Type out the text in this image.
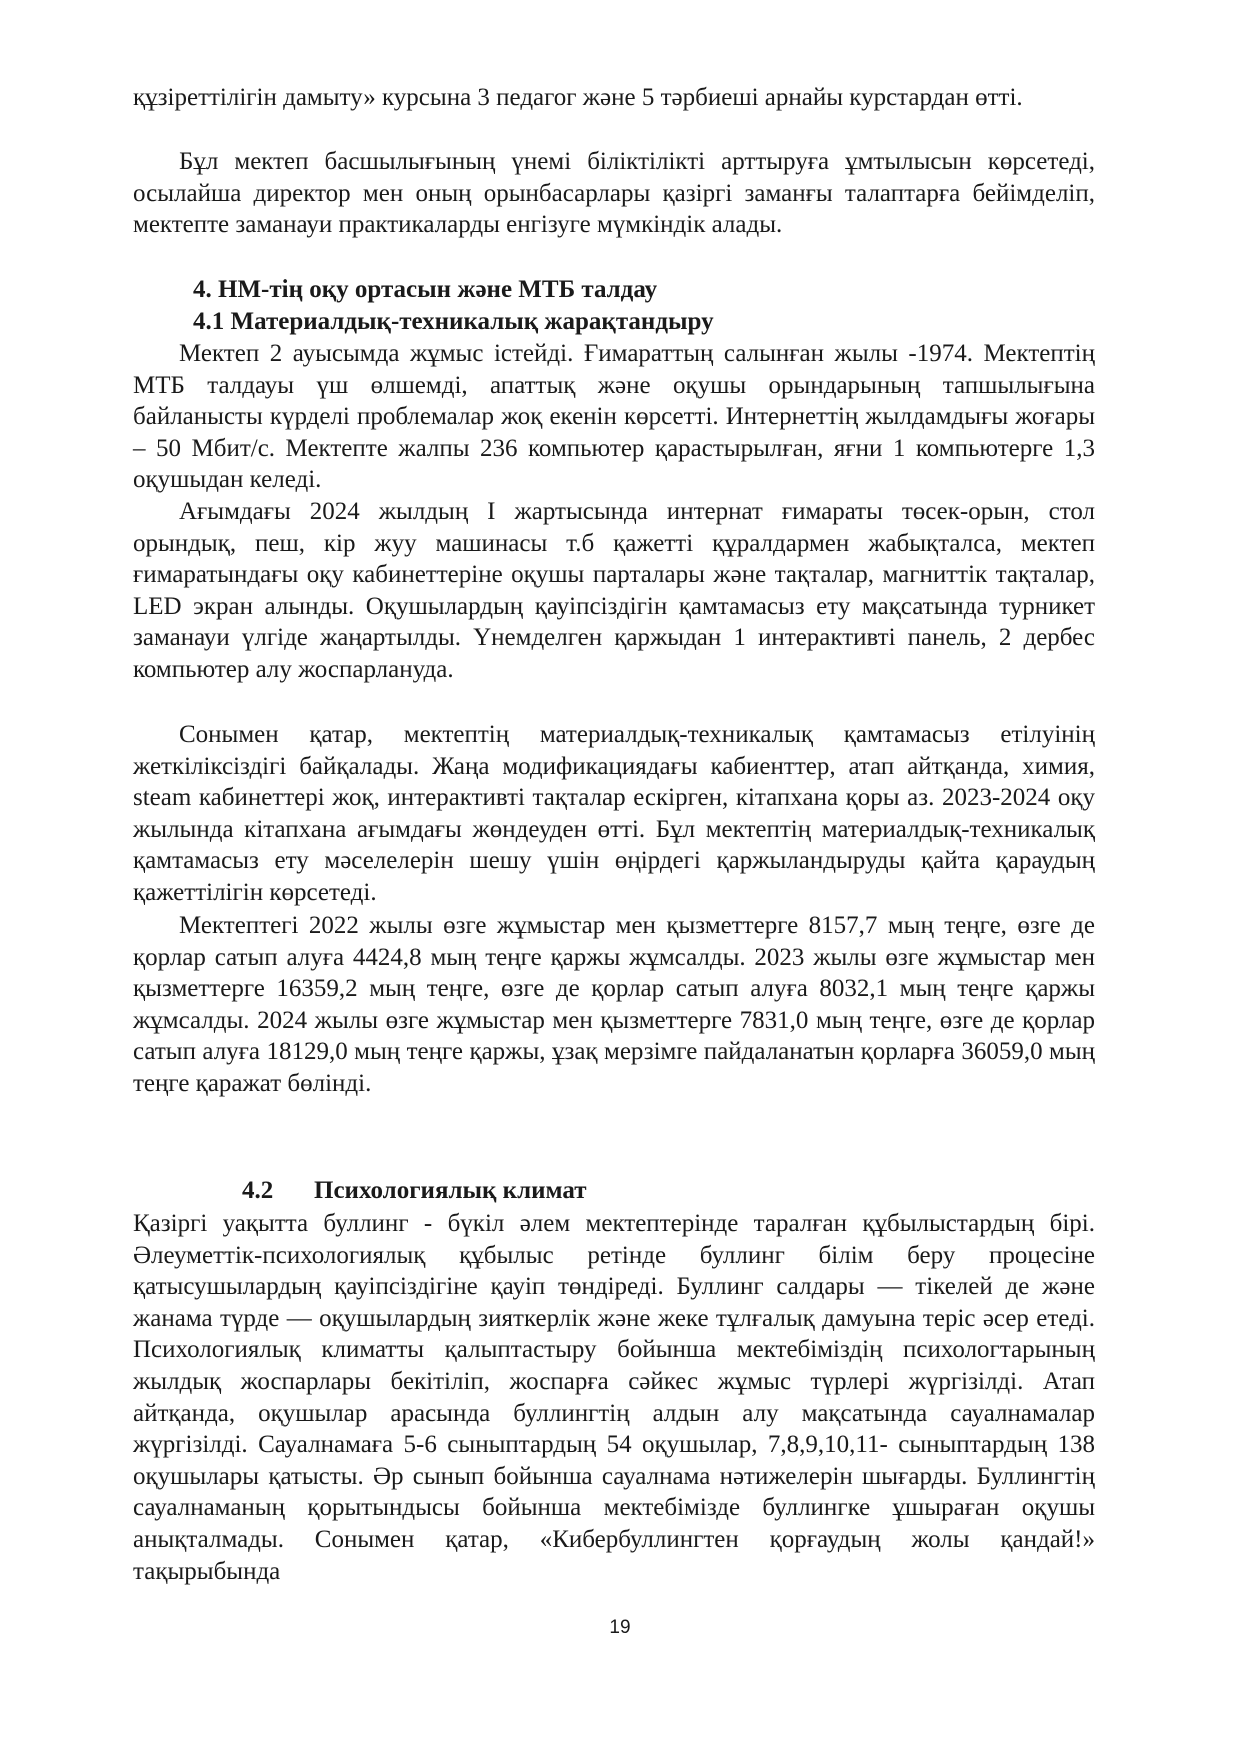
құзіреттілігін дамыту» курсына 3 педагог және 5 тәрбиеші арнайы курстардан өтті.

Бұл мектеп басшылығының үнемі біліктілікті арттыруға ұмтылысын көрсетеді, осылайша директор мен оның орынбасарлары қазіргі заманғы талаптарға бейімделіп, мектепте заманауи практикаларды енгізуге мүмкіндік алады.

4. НМ-тің оқу ортасын және МТБ талдау
4.1 Материалдық-техникалық жарақтандыру

Мектеп 2 ауысымда жұмыс істейді. Ғимараттың салынған жылы -1974. Мектептің МТБ талдауы үш өлшемді, апаттық және оқушы орындарының тапшылығына байланысты күрделі проблемалар жоқ екенін көрсетті. Интернеттің жылдамдығы жоғары – 50 Мбит/с. Мектепте жалпы 236 компьютер қарастырылған, яғни 1 компьютерге 1,3 оқушыдан келеді.

Ағымдағы 2024 жылдың I жартысында интернат ғимараты төсек-орын, стол орындық, пеш, кір жуу машинасы т.б қажетті құралдармен жабықталса, мектеп ғимаратындағы оқу кабинеттеріне оқушы парталары және тақталар, магниттік тақталар, LED экран алынды. Оқушылардың қауіпсіздігін қамтамасыз ету мақсатында турникет заманауи үлгіде жаңартылды. Үнемделген қаржыдан 1 интерактивті панель, 2 дербес компьютер алу жоспарлануда.

Сонымен қатар, мектептің материалдық-техникалық қамтамасыз етілуінің жеткіліксіздігі байқалады. Жаңа модификациядағы кабиенттер, атап айтқанда, химия, steam кабинеттері жоқ, интерактивті тақталар ескірген, кітапхана қоры аз. 2023-2024 оқу жылында кітапхана ағымдағы жөндеуден өтті. Бұл мектептің материалдық-техникалық қамтамасыз ету мәселелерін шешу үшін өңірдегі қаржыландыруды қайта қараудың қажеттілігін көрсетеді.

Мектептегі 2022 жылы өзге жұмыстар мен қызметтерге 8157,7 мың теңге, өзге де қорлар сатып алуға 4424,8 мың теңге қаржы жұмсалды. 2023 жылы өзге жұмыстар мен қызметтерге 16359,2 мың теңге, өзге де қорлар сатып алуға 8032,1 мың теңге қаржы жұмсалды. 2024 жылы өзге жұмыстар мен қызметтерге 7831,0 мың теңге, өзге де қорлар сатып алуға 18129,0 мың теңге қаржы, ұзақ мерзімге пайдаланатын қорларға 36059,0 мың теңге қаражат бөлінді.

4.2 Психологиялық климат

Қазіргі уақытта буллинг - бүкіл әлем мектептерінде таралған құбылыстардың бірі. Әлеуметтік-психологиялық құбылыс ретінде буллинг білім беру процесіне қатысушылардың қауіпсіздігіне қауіп төндіреді. Буллинг салдары — тікелей де және жанама түрде — оқушылардың зияткерлік және жеке тұлғалық дамуына теріс әсер етеді. Психологиялық климатты қалыптастыру бойынша мектебіміздің психологтарының жылдық жоспарлары бекітіліп, жоспарға сәйкес жұмыс түрлері жүргізілді. Атап айтқанда, оқушылар арасында буллингтің алдын алу мақсатында сауалнамалар жүргізілді. Сауалнамаға 5-6 сыныптардың 54 оқушылар, 7,8,9,10,11- сыныптардың 138 оқушылары қатысты. Әр сынып бойынша сауалнама нәтижелерін шығарды. Буллингтің сауалнаманың қорытындысы бойынша мектебімізде буллингке ұшыраған оқушы анықталмады. Сонымен қатар, «Кибербуллингтен қорғаудың жолы қандай!» тақырыбында

19
